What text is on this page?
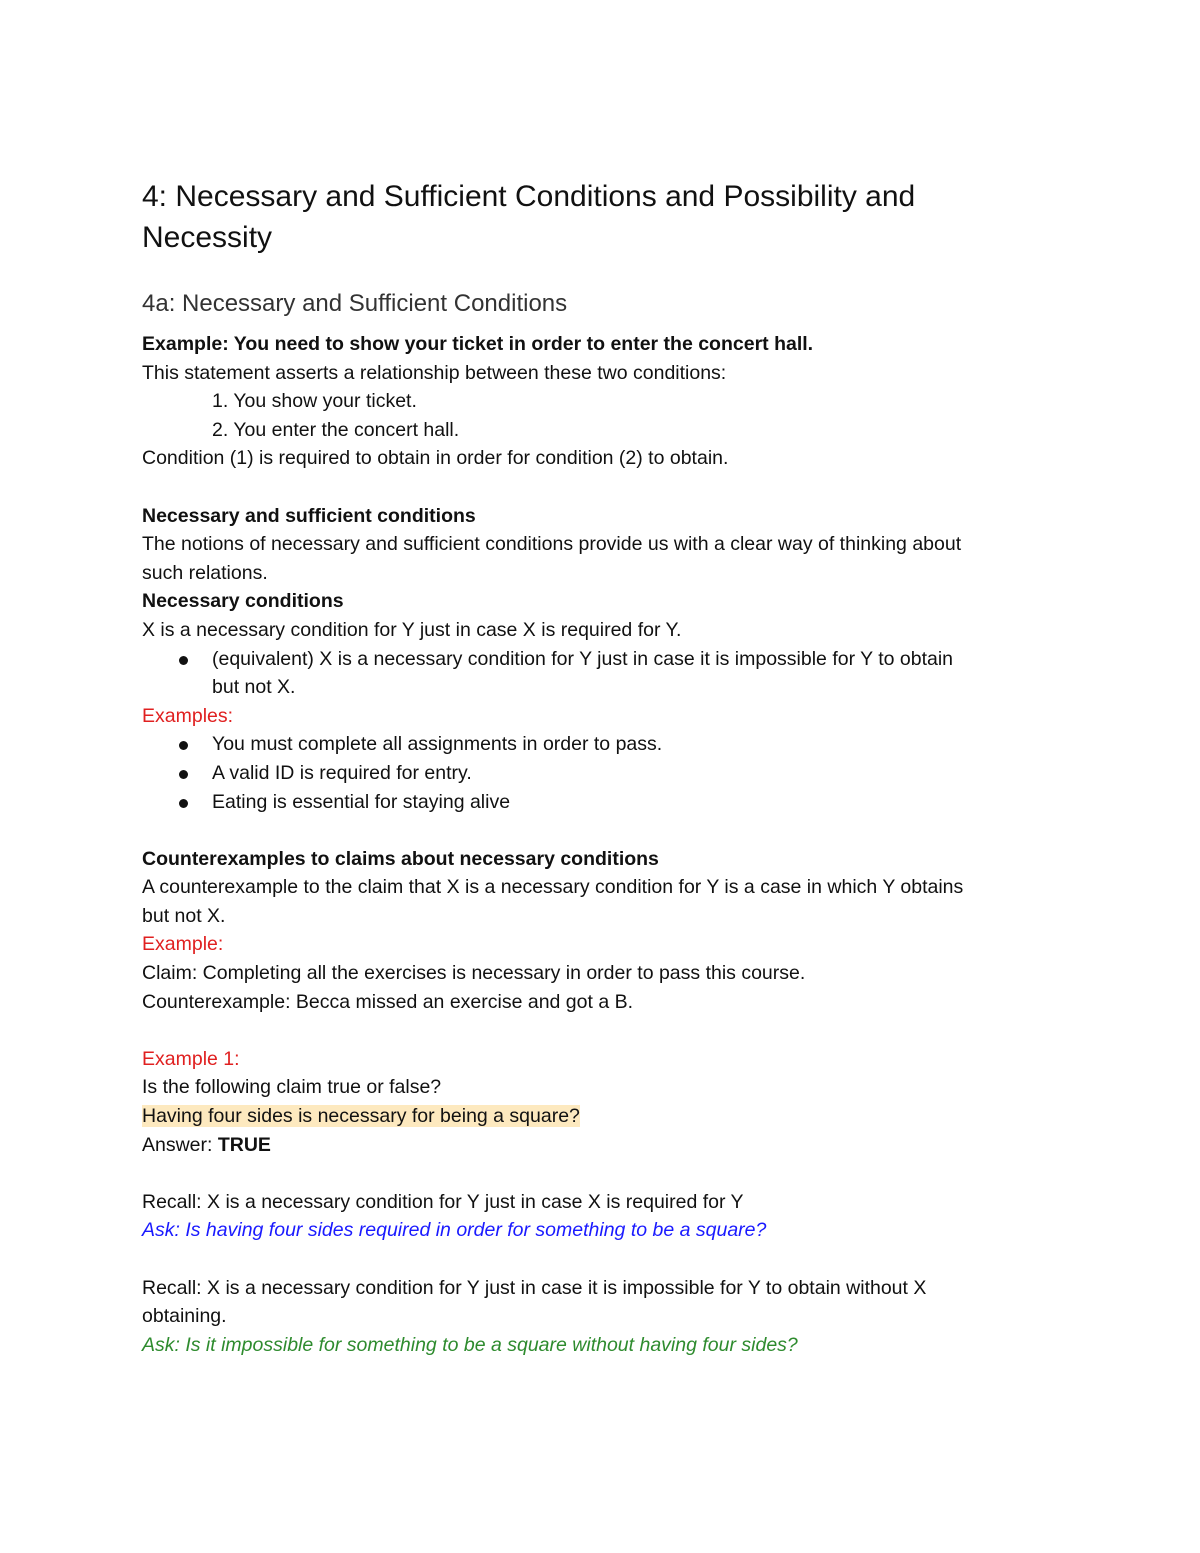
4: Necessary and Sufficient Conditions and Possibility and
Necessity
4a: Necessary and Sufficient Conditions
Example: You need to show your ticket in order to enter the concert hall.
This statement asserts a relationship between these two conditions:
1. You show your ticket.
2. You enter the concert hall.
Condition (1) is required to obtain in order for condition (2) to obtain.
Necessary and sufficient conditions
The notions of necessary and sufficient conditions provide us with a clear way of thinking about
such relations.
Necessary conditions
X is a necessary condition for Y just in case X is required for Y.
(equivalent) X is a necessary condition for Y just in case it is impossible for Y to obtain
but not X.
Examples:
You must complete all assignments in order to pass.
A valid ID is required for entry.
Eating is essential for staying alive
Counterexamples to claims about necessary conditions
A counterexample to the claim that X is a necessary condition for Y is a case in which Y obtains
but not X.
Example:
Claim: Completing all the exercises is necessary in order to pass this course.
Counterexample: Becca missed an exercise and got a B.
Example 1:
Is the following claim true or false?
Having four sides is necessary for being a square?
Answer: TRUE
Recall: X is a necessary condition for Y just in case X is required for Y
Ask: Is having four sides required in order for something to be a square?
Recall: X is a necessary condition for Y just in case it is impossible for Y to obtain without X
obtaining.
Ask: Is it impossible for something to be a square without having four sides?
